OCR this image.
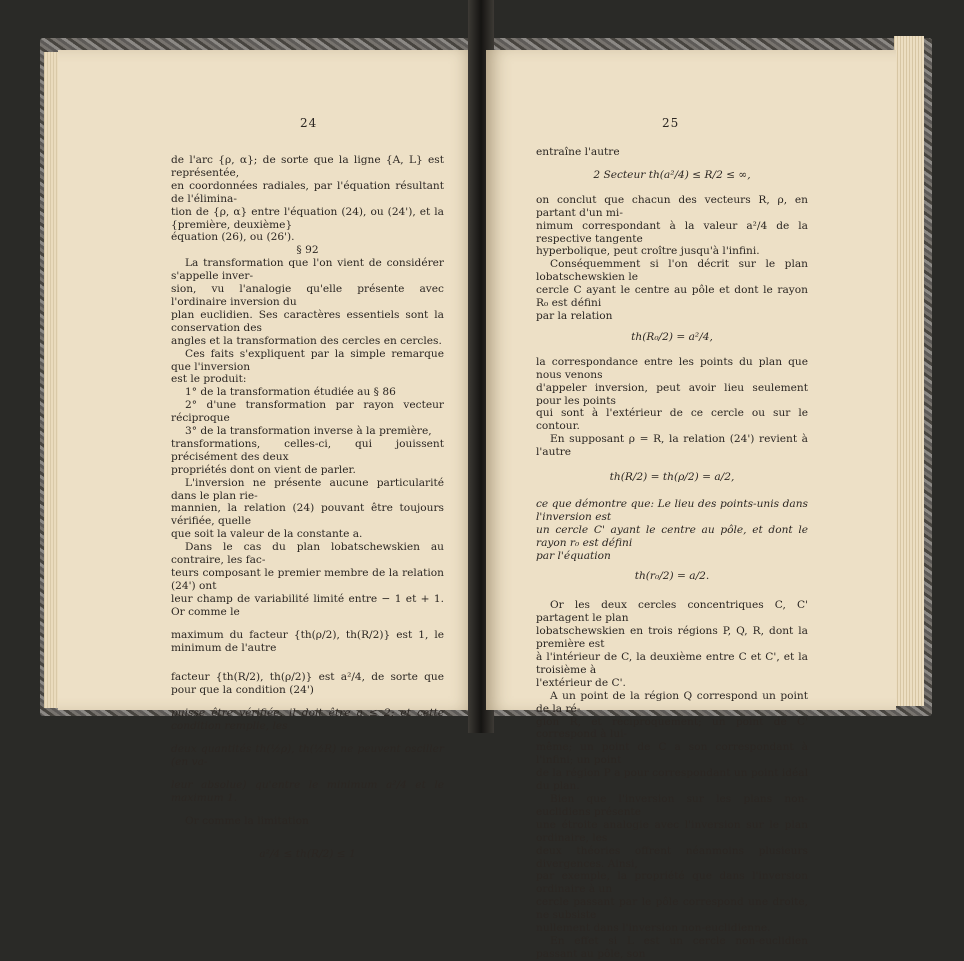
24

de l'arc {ρ, α}; de sorte que la ligne {A, L} est représentée,

en coordonnées radiales, par l'équation résultant de l'élimina-

tion de {ρ, α} entre l'équation (24), ou (24'), et la {première, deuxième}

équation (26), ou (26').

§ 92

La transformation que l'on vient de considérer s'appelle inver-

sion, vu l'analogie qu'elle présente avec l'ordinaire inversion du

plan euclidien. Ses caractères essentiels sont la conservation des

angles et la transformation des cercles en cercles.

Ces faits s'expliquent par la simple remarque que l'inversion

est le produit:

1° de la transformation étudiée au § 86

2° d'une transformation par rayon vecteur réciproque

3° de la transformation inverse à la première,

transformations, celles-ci, qui jouissent précisément des deux

propriétés dont on vient de parler.

L'inversion ne présente aucune particularité dans le plan rie-

mannien, la relation (24) pouvant être toujours vérifiée, quelle

que soit la valeur de la constante a.

Dans le cas du plan lobatschewskien au contraire, les fac-

teurs composant le premier membre de la relation (24') ont

leur champ de variabilité limité entre − 1 et + 1. Or comme le

maximum du facteur {th(ρ/2), th(R/2)} est 1, le minimum de l'autre

facteur {th(R/2), th(ρ/2)} est a²/4, de sorte que pour que la condition (24')

puisse être vérifiée, il doit être a ≤ 2; et cette condition remplie, les

deux quantités th(½ρ), th(½R) ne peuvent osciller (en va-

leur absolue) qu'entre le minimum a²/4 et le maximum 1.

Or comme la limitation

a²/4 ≤ th(R/2) ≤ 1

25

entraîne l'autre

2 Secteur th(a²/4) ≤ R/2 ≤ ∞,

on conclut que chacun des vecteurs R, ρ, en partant d'un mi-

nimum correspondant à la valeur a²/4 de la respective tangente

hyperbolique, peut croître jusqu'à l'infini.

Conséquemment si l'on décrit sur le plan lobatschewskien le

cercle C ayant le centre au pôle et dont le rayon R₀ est défini

par la relation

th(R₀/2) = a²/4,

la correspondance entre les points du plan que nous venons

d'appeler inversion, peut avoir lieu seulement pour les points

qui sont à l'extérieur de ce cercle ou sur le contour.

En supposant ρ = R, la relation (24') revient à l'autre

th(R/2) = th(ρ/2) = a/2,

ce que démontre que: Le lieu des points-unis dans l'inversion est

un cercle C' ayant le centre au pôle, et dont le rayon r₀ est défini

par l'équation

th(r₀/2) = a/2.

Or les deux cercles concentriques C, C' partagent le plan

lobatschewskien en trois régions P, Q, R, dont la première est

à l'intérieur de C, la deuxième entre C et C', et la troisième à

l'extérieur de C'.

A un point de la région Q correspond un point de la ré-

gion R, et réciproquement; un point de C' correspond à lui-

même; un point de C a son correspondant à l'infini; un point

de la région P a pour correspondant un point idéal du plan.

Bien que l'inversion sur les plans non-euclidiens présente

une étroite analogie avec l'inversion sur le plan ordinaire, les

deux théories offrent néanmoins plusieurs divergences. Ainsi,

par exemple, la propriété que dans l'inversion ordinaire à un

cercle passant par le pôle correspond une droite, ne subsiste

nullement dans l'inversion non-euclidienne.

En effet si L est un cercle non-euclidien passant au pôle, son
